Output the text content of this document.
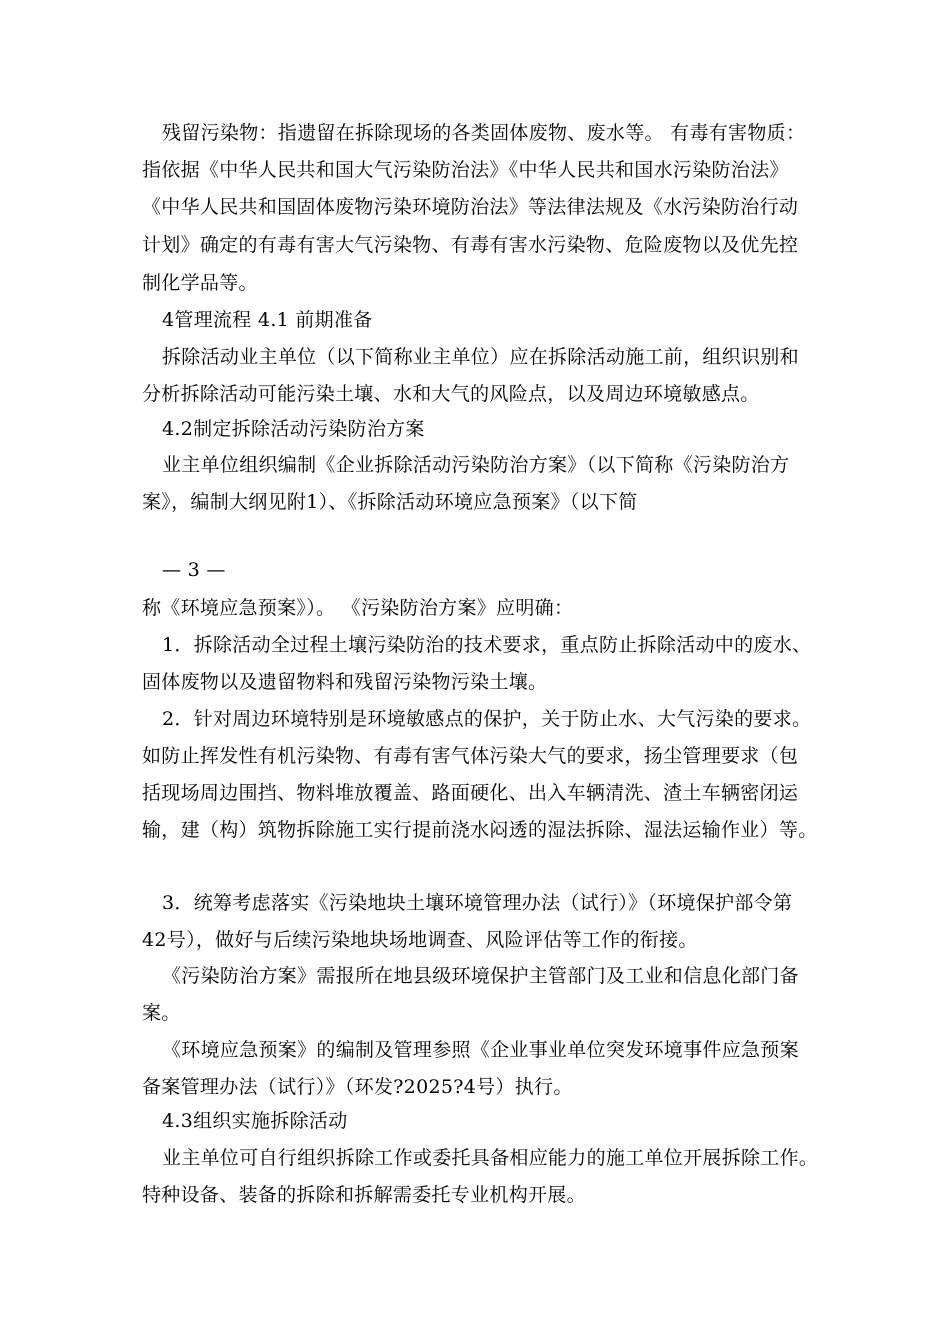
残留污染物：指遗留在拆除现场的各类固体废物、废水等。 有毒有害物质：
指依据《中华人民共和国大气污染防治法》《中华人民共和国水污染防治法》
《中华人民共和国固体废物污染环境防治法》等法律法规及《水污染防治行动
计划》确定的有毒有害大气污染物、有毒有害水污染物、危险废物以及优先控
制化学品等。
4管理流程 4.1 前期准备
拆除活动业主单位（以下简称业主单位）应在拆除活动施工前，组织识别和
分析拆除活动可能污染土壤、水和大气的风险点，以及周边环境敏感点。
4.2制定拆除活动污染防治方案
业主单位组织编制《企业拆除活动污染防治方案》（以下简称《污染防治方
案》，编制大纲见附1）、《拆除活动环境应急预案》（以下简
— 3 —
称《环境应急预案》）。 《污染防治方案》应明确：
1．拆除活动全过程土壤污染防治的技术要求，重点防止拆除活动中的废水、
固体废物以及遗留物料和残留污染物污染土壤。
2．针对周边环境特别是环境敏感点的保护，关于防止水、大气污染的要求。
如防止挥发性有机污染物、有毒有害气体污染大气的要求，扬尘管理要求（包
括现场周边围挡、物料堆放覆盖、路面硬化、出入车辆清洗、渣土车辆密闭运
输，建（构）筑物拆除施工实行提前浇水闷透的湿法拆除、湿法运输作业）等。
3．统筹考虑落实《污染地块土壤环境管理办法（试行）》（环境保护部令第
42号），做好与后续污染地块场地调查、风险评估等工作的衔接。
《污染防治方案》需报所在地县级环境保护主管部门及工业和信息化部门备
案。
《环境应急预案》的编制及管理参照《企业事业单位突发环境事件应急预案
备案管理办法（试行）》（环发?2025?4号）执行。
4.3组织实施拆除活动
业主单位可自行组织拆除工作或委托具备相应能力的施工单位开展拆除工作。
特种设备、装备的拆除和拆解需委托专业机构开展。
